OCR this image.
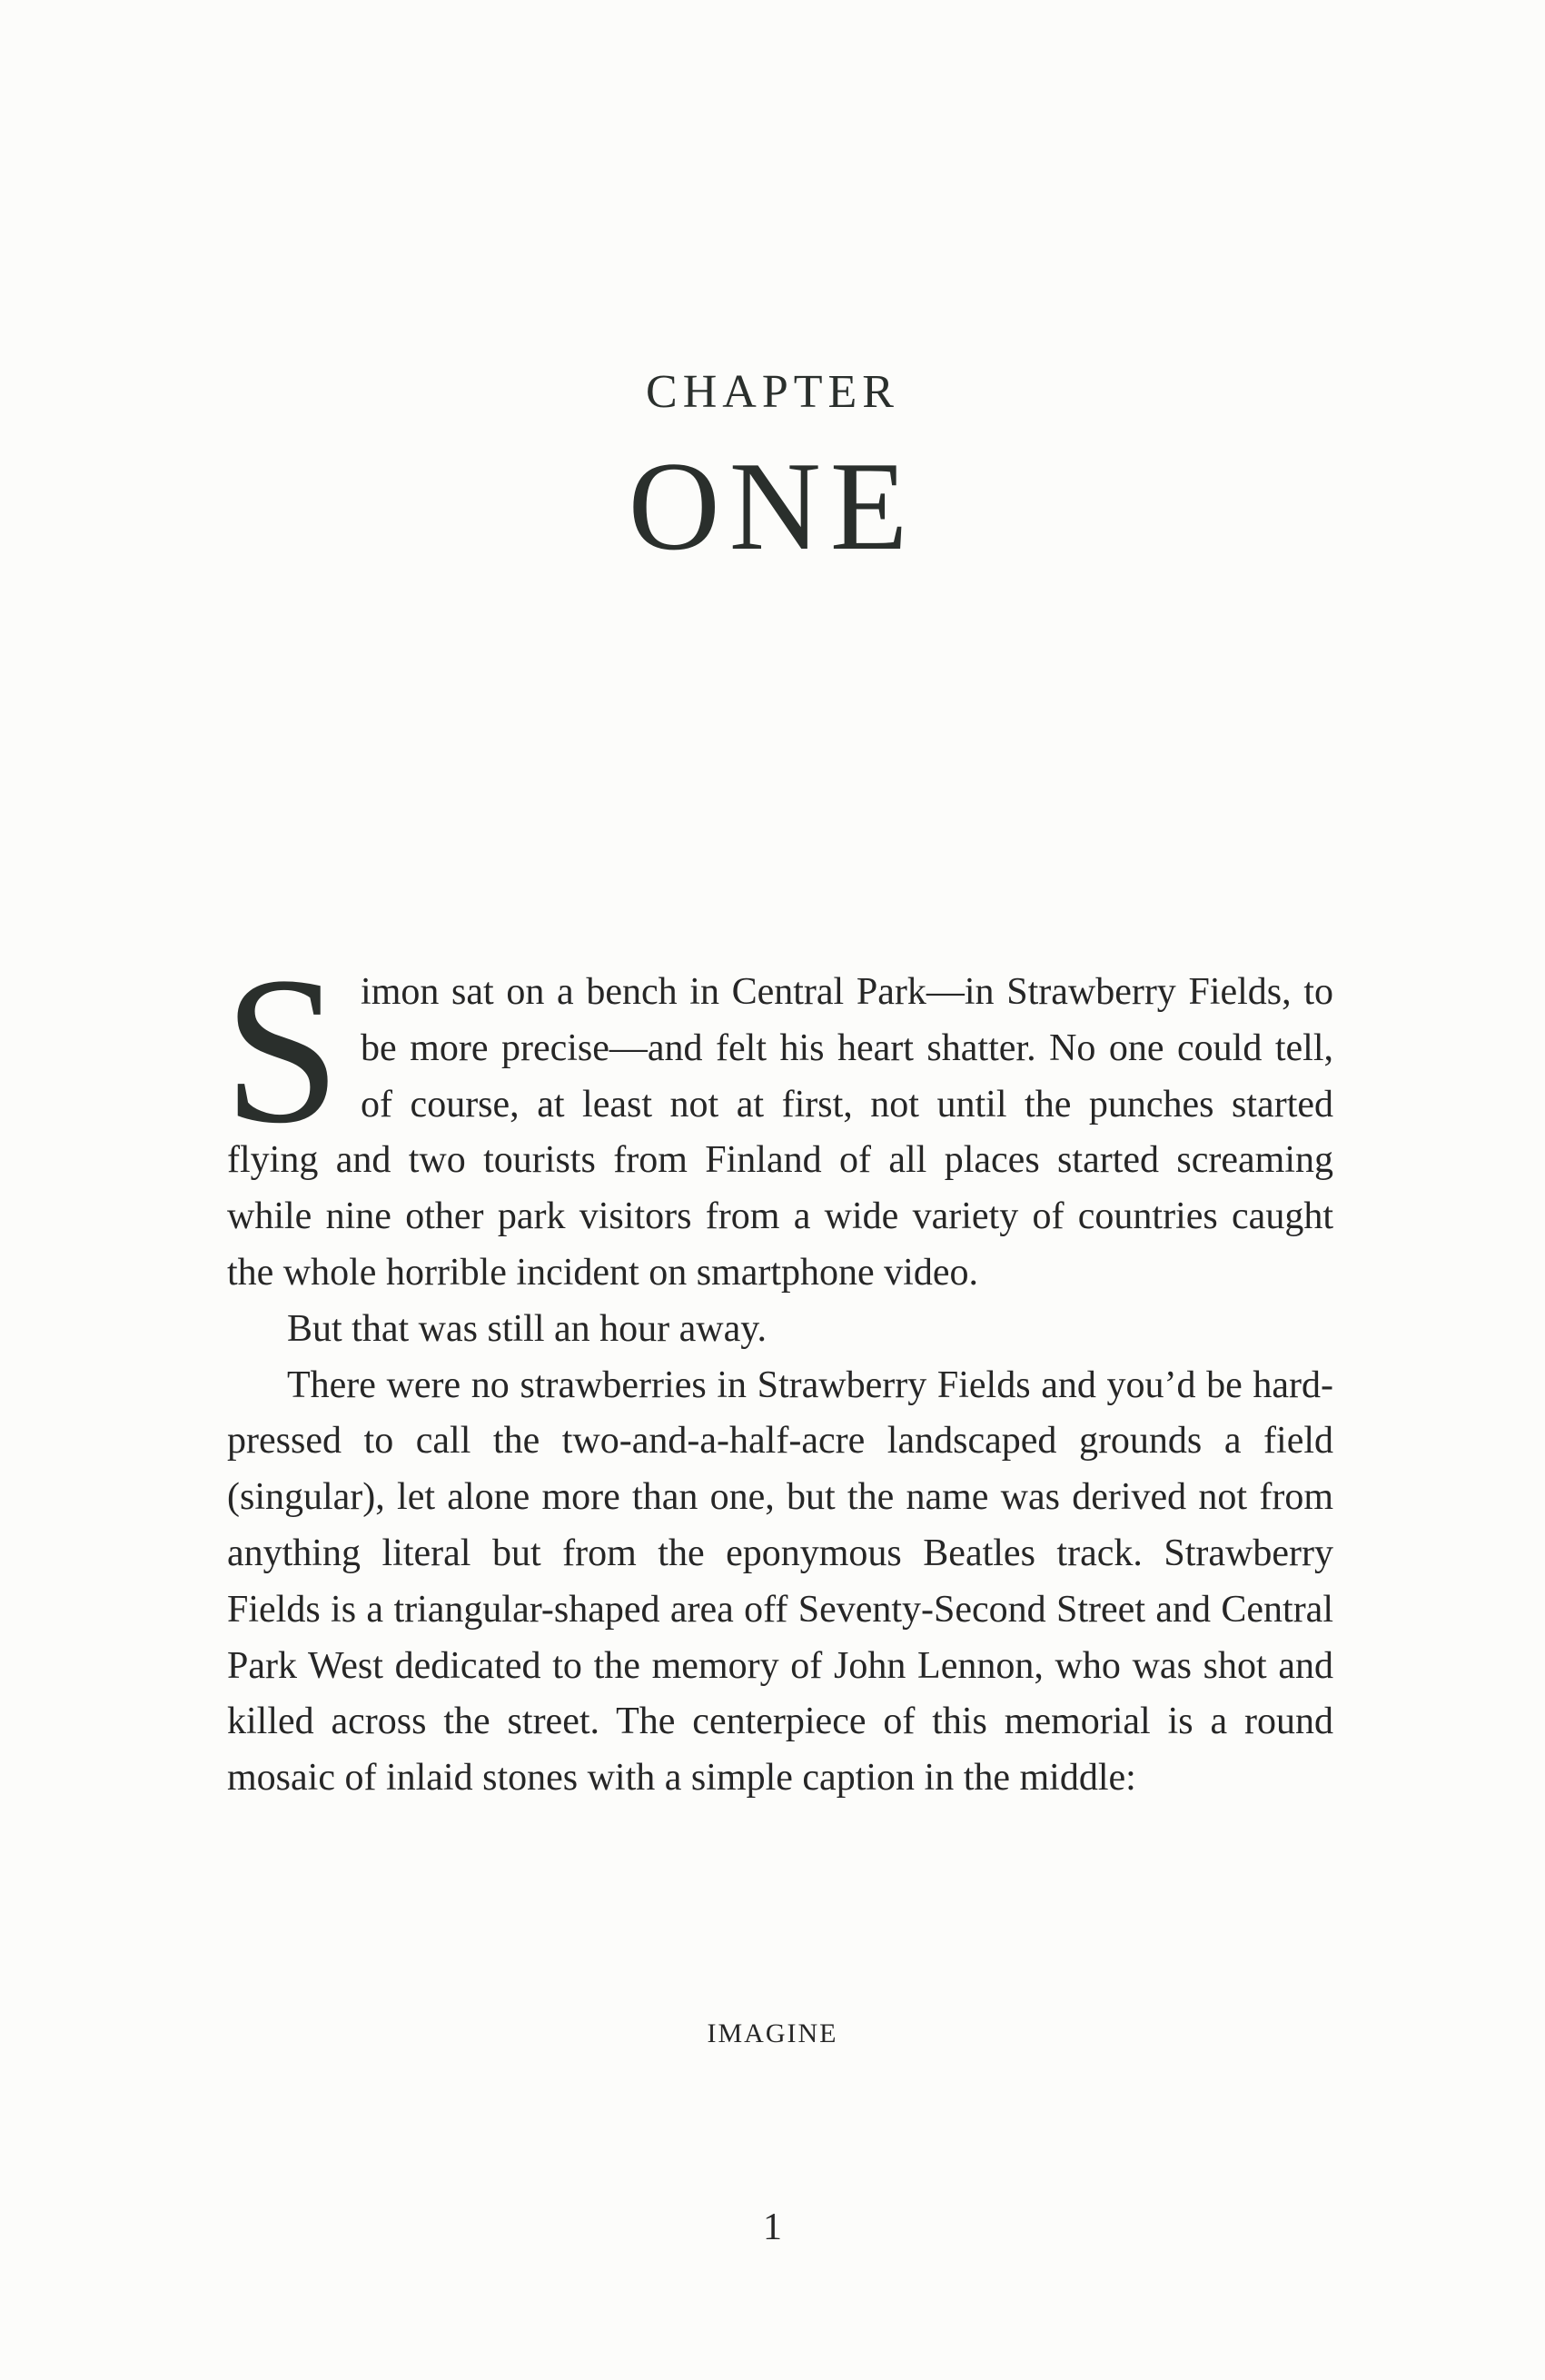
CHAPTER
ONE

Simon sat on a bench in Central Park—in Strawberry Fields, to be more precise—and felt his heart shatter. No one could tell, of course, at least not at first, not until the punches started flying and two tourists from Finland of all places started screaming while nine other park visitors from a wide variety of countries caught the whole horrible incident on smartphone video.

But that was still an hour away.

There were no strawberries in Strawberry Fields and you’d be hard-pressed to call the two-and-a-half-acre landscaped grounds a field (singular), let alone more than one, but the name was derived not from anything literal but from the eponymous Beatles track. Strawberry Fields is a triangular-shaped area off Seventy-Second Street and Central Park West dedicated to the memory of John Lennon, who was shot and killed across the street. The centerpiece of this memorial is a round mosaic of inlaid stones with a simple caption in the middle:

IMAGINE
1
